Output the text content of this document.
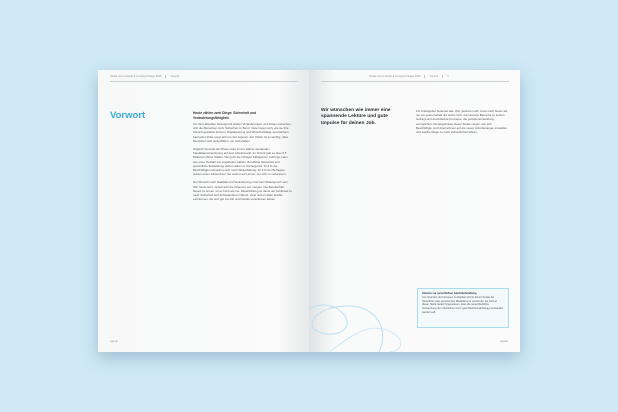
Studie Fern-Lehrjob & Lernpsychologie 2025	Vorwort
Vorwort	Heute zählen zwei Dinge: Sicherheit und Veränderungsfähigkeit.

Vor dem aktuellen Hintergrund starker Veränderungen und Krisen wünschen sich die Menschen mehr Sicherheit im Beruf. Viele fragen sich, wie sie ihre Zukunft gestalten können. Digitalisierung und Wirtschaftslage verunsichern. Fast jeder Dritte sorgt sich um den eigenen Job. Daher ist es wichtig, dass Menschen sich weiterbilden, um mitzuhalten.

Zugleich bemerkt die Phase einer immer stärker werdenden Kandidatenorientierung auf dem Arbeitsmarkt. Im Schnitt gab es über 6,5 Millionen offene Stellen. Wer jetzt die richtigen Fähigkeiten mitbringt, kann aus einer Vielzahl von Angeboten wählen. Berufliche Sicherheit und persönliche Entwicklung stehen dabei im Vordergrund. 72,3 % der Beschäftigten wünschen sich mehr Weiterbildung. 42,3 % der Befragten planen einen Jobwechsel. Sie setzen auf Lernen, um sich zu verbessern.

Der Wunsch nach Stabilität und Veränderung muss kein Widerspruch sein. Wer heute lernt, sichert sich die Chancen von morgen. Die Bereitschaft, Neues zu lernen, ist so hoch wie nie. Weiterbildung ist damit der Schlüssel zu mehr Sicherheit und Zufriedenheit im Beruf. Viele nutzen dafür flexible Lernformen, die sich gut mit Job und Familie vereinbaren lassen.

sgd.de
Studie Fern-Lehrjob & Lernpsychologie 2025	Vorwort	5
Wir wünschen wie immer eine spannende Lektüre und gute Impulse für deinen Job.
Für Arbeitgeber bedeutet das: Wer gewinnen will, muss mehr bieten als nur ein gutes Gehalt. Es reicht nicht, auf einzelne Bereiche zu setzen. Gefragt sind durchdachte Konzepte, die gezielte Entwicklung ermöglichen. Die Ergebnisse dieser Studie zeigen, wie sich Beschäftigte und Unternehmen auf die neuen Anforderungen einstellen und welche Wege zu mehr Zufriedenheit führen.
Hinweis zur sprachlichen Gleichbehandlung
Aus Gründen der besseren Lesbarkeit wird in dieser Studie die Sprachform des generischen Maskulinums verwendet. Es wird an dieser Stelle darauf hingewiesen, dass die ausschließliche Verwendung der männlichen Form geschlechtsunabhängig verstanden werden soll.
sgd.de
